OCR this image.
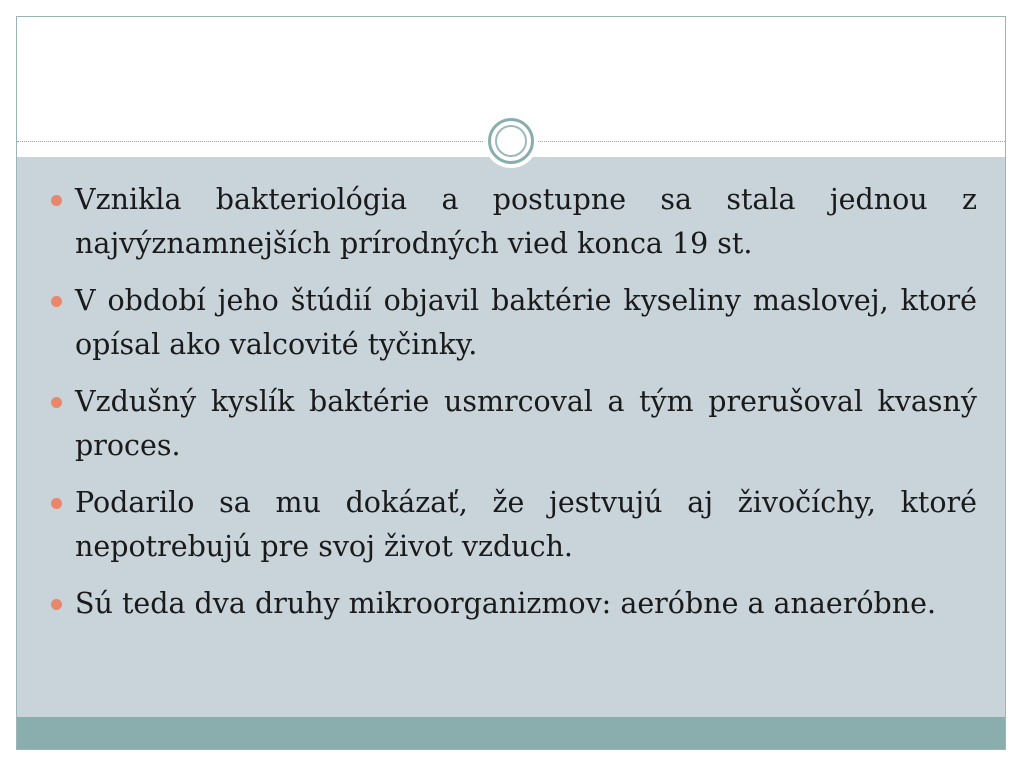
Vznikla bakteriológia a postupne sa stala jednou z najvýznamnejších prírodných vied konca 19 st.
V období jeho štúdií objavil baktérie kyseliny maslovej, ktoré opísal ako valcovité tyčinky.
Vzdušný kyslík baktérie usmrcoval a tým prerušoval kvasný proces.
Podarilo sa mu dokázať, že jestvujú aj živočíchy, ktoré nepotrebujú pre svoj život vzduch.
Sú teda dva druhy mikroorganizmov: aeróbne a anaeróbne.
